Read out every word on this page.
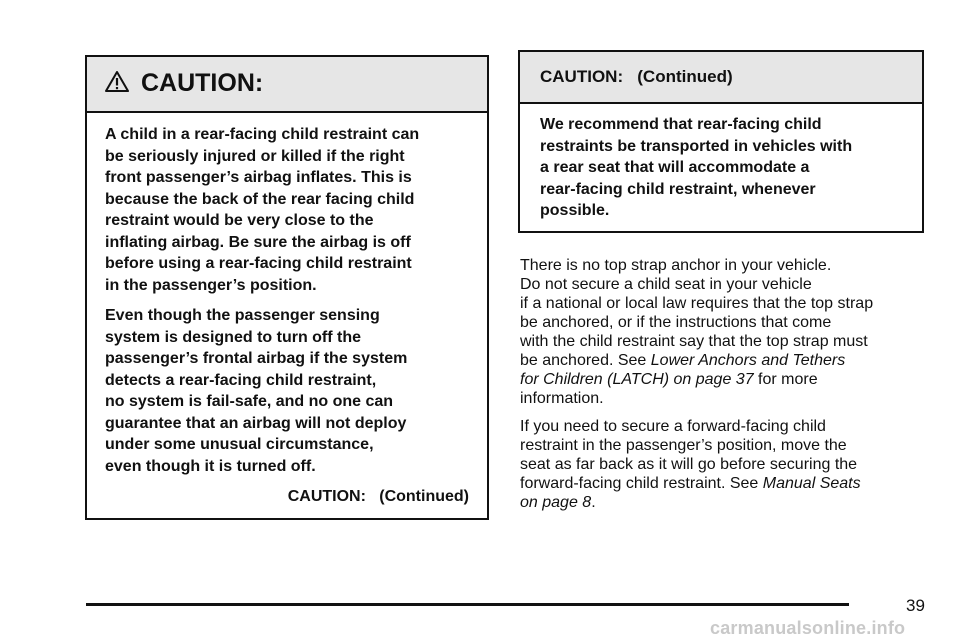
CAUTION:

A child in a rear-facing child restraint can
be seriously injured or killed if the right
front passenger’s airbag inflates. This is
because the back of the rear facing child
restraint would be very close to the
inflating airbag. Be sure the airbag is off
before using a rear-facing child restraint
in the passenger’s position.

Even though the passenger sensing
system is designed to turn off the
passenger’s frontal airbag if the system
detects a rear-facing child restraint,
no system is fail-safe, and no one can
guarantee that an airbag will not deploy
under some unusual circumstance,
even though it is turned off.

CAUTION:   (Continued)
CAUTION:   (Continued)

We recommend that rear-facing child
restraints be transported in vehicles with
a rear seat that will accommodate a
rear-facing child restraint, whenever
possible.

There is no top strap anchor in your vehicle.
Do not secure a child seat in your vehicle
if a national or local law requires that the top strap
be anchored, or if the instructions that come
with the child restraint say that the top strap must
be anchored. See Lower Anchors and Tethers
for Children (LATCH) on page 37 for more
information.

If you need to secure a forward-facing child
restraint in the passenger’s position, move the
seat as far back as it will go before securing the
forward-facing child restraint. See Manual Seats
on page 8.

39
carmanualsonline.info
